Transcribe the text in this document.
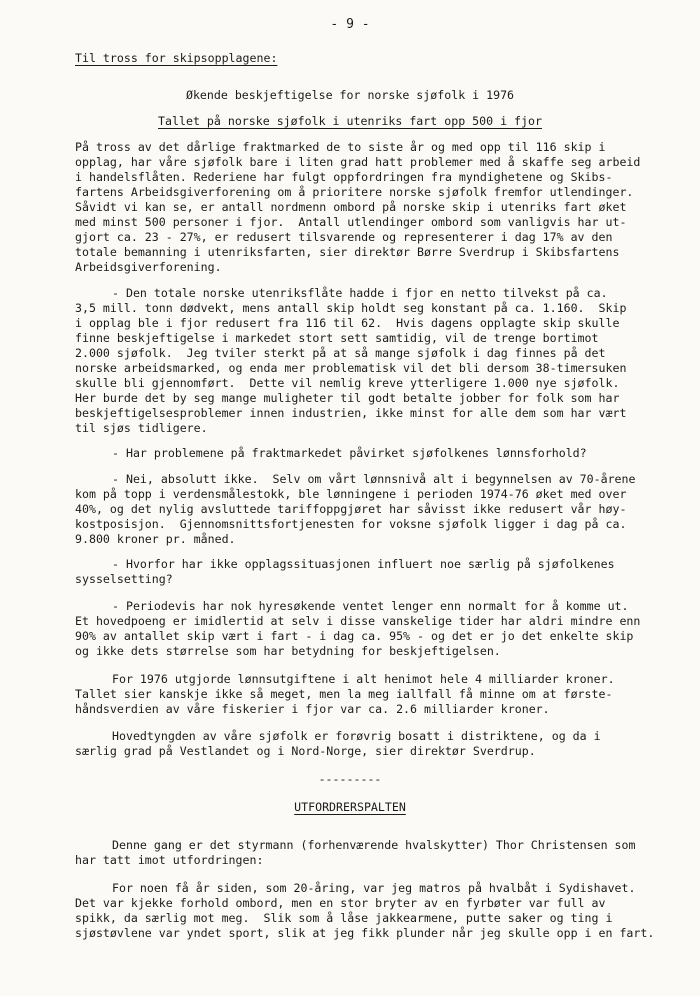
- 9 -
Til tross for skipsopplagene:
Økende beskjeftigelse for norske sjøfolk i 1976
Tallet på norske sjøfolk i utenriks fart opp 500 i fjor
På tross av det dårlige fraktmarked de to siste år og med opp til 116 skip i
opplag, har våre sjøfolk bare i liten grad hatt problemer med å skaffe seg arbeid
i handelsflåten. Rederiene har fulgt oppfordringen fra myndighetene og Skibs-
fartens Arbeidsgiverforening om å prioritere norske sjøfolk fremfor utlendinger.
Såvidt vi kan se, er antall nordmenn ombord på norske skip i utenriks fart øket
med minst 500 personer i fjor.  Antall utlendinger ombord som vanligvis har ut-
gjort ca. 23 - 27%, er redusert tilsvarende og representerer i dag 17% av den
totale bemanning i utenriksfarten, sier direktør Børre Sverdrup i Skibsfartens
Arbeidsgiverforening.
- Den totale norske utenriksflåte hadde i fjor en netto tilvekst på ca.
3,5 mill. tonn dødvekt, mens antall skip holdt seg konstant på ca. 1.160.  Skip
i opplag ble i fjor redusert fra 116 til 62.  Hvis dagens opplagte skip skulle
finne beskjeftigelse i markedet stort sett samtidig, vil de trenge bortimot
2.000 sjøfolk.  Jeg tviler sterkt på at så mange sjøfolk i dag finnes på det
norske arbeidsmarked, og enda mer problematisk vil det bli dersom 38-timersuken
skulle bli gjennomført.  Dette vil nemlig kreve ytterligere 1.000 nye sjøfolk.
Her burde det by seg mange muligheter til godt betalte jobber for folk som har
beskjeftigelsesproblemer innen industrien, ikke minst for alle dem som har vært
til sjøs tidligere.
- Har problemene på fraktmarkedet påvirket sjøfolkenes lønnsforhold?
- Nei, absolutt ikke.  Selv om vårt lønnsnivå alt i begynnelsen av 70-årene
kom på topp i verdensmålestokk, ble lønningene i perioden 1974-76 øket med over
40%, og det nylig avsluttede tariffoppgjøret har såvisst ikke redusert vår høy-
kostposisjon.  Gjennomsnittsfortjenesten for voksne sjøfolk ligger i dag på ca.
9.800 kroner pr. måned.
- Hvorfor har ikke opplagssituasjonen influert noe særlig på sjøfolkenes
sysselsetting?
- Periodevis har nok hyresøkende ventet lenger enn normalt for å komme ut.
Et hovedpoeng er imidlertid at selv i disse vanskelige tider har aldri mindre enn
90% av antallet skip vært i fart - i dag ca. 95% - og det er jo det enkelte skip
og ikke dets størrelse som har betydning for beskjeftigelsen.
For 1976 utgjorde lønnsutgiftene i alt henimot hele 4 milliarder kroner.
Tallet sier kanskje ikke så meget, men la meg iallfall få minne om at første-
håndsverdien av våre fiskerier i fjor var ca. 2.6 milliarder kroner.
Hovedtyngden av våre sjøfolk er forøvrig bosatt i distriktene, og da i
særlig grad på Vestlandet og i Nord-Norge, sier direktør Sverdrup.
---------
UTFORDRERSPALTEN
Denne gang er det styrmann (forhenværende hvalskytter) Thor Christensen som
har tatt imot utfordringen:
For noen få år siden, som 20-åring, var jeg matros på hvalbåt i Sydishavet.
Det var kjekke forhold ombord, men en stor bryter av en fyrbøter var full av
spikk, da særlig mot meg.  Slik som å låse jakkearmene, putte saker og ting i
sjøstøvlene var yndet sport, slik at jeg fikk plunder når jeg skulle opp i en fart.
